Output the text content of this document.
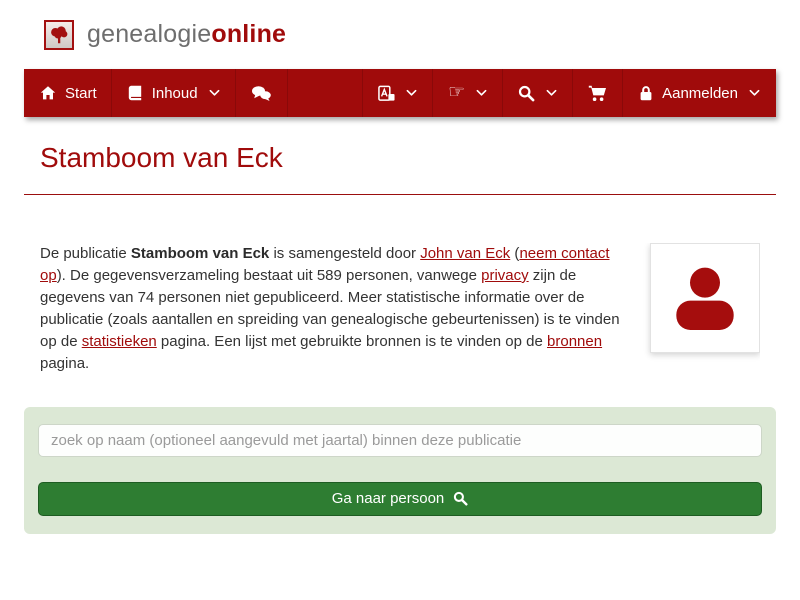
genealogie online
Start	Inhoud	☞	Aanmelden
Stamboom van Eck

De publicatie Stamboom van Eck is samengesteld door John van Eck (neem contact op). De gegevensverzameling bestaat uit 589 personen, vanwege privacy zijn de gegevens van 74 personen niet gepubliceerd. Meer statistische informatie over de publicatie (zoals aantallen en spreiding van genealogische gebeurtenissen) is te vinden op de statistieken pagina. Een lijst met gebruikte bronnen is te vinden op de bronnen pagina.

zoek op naam (optioneel aangevuld met jaartal) binnen deze publicatie
Ga naar persoon
